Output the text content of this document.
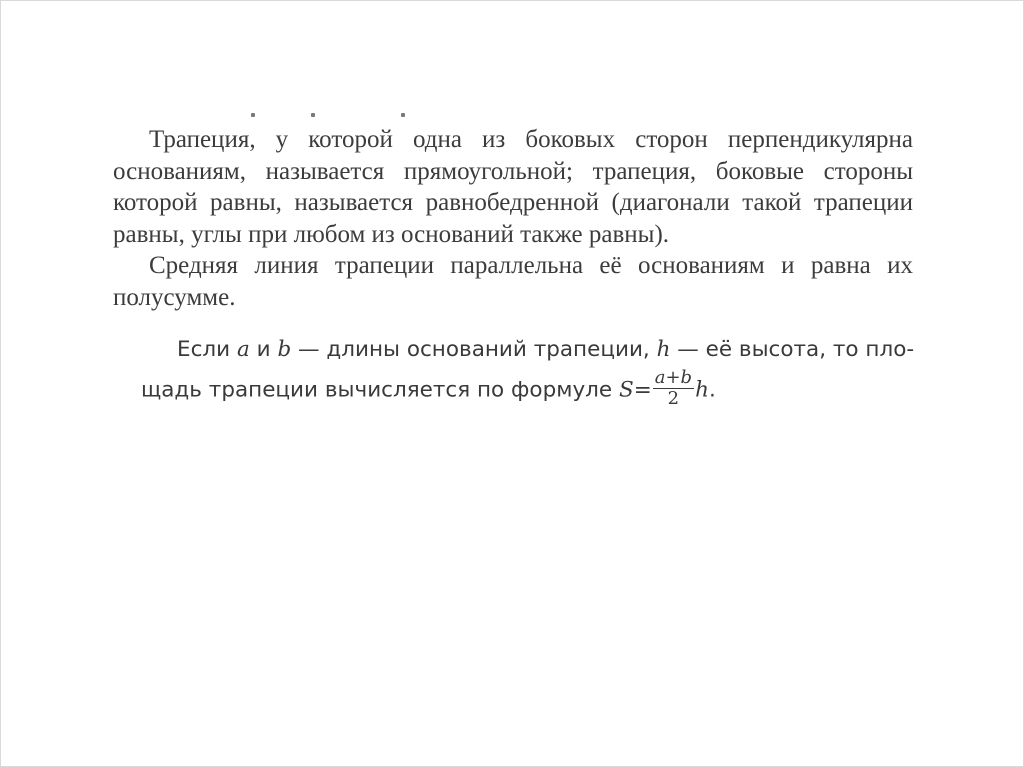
Трапеция, у которой одна из боковых сторон перпендикулярна основаниям, называется прямоугольной; трапеция, боковые стороны которой равны, называется равнобедренной (диагонали такой трапеции равны, углы при любом из оснований также равны).

Средняя линия трапеции параллельна её основаниям и равна их полусумме.

Если a и b — длины оснований трапеции, h — её высота, то пло-
щадь трапеции вычисляется по формуле $S= \frac{a+b}{2} h$.
